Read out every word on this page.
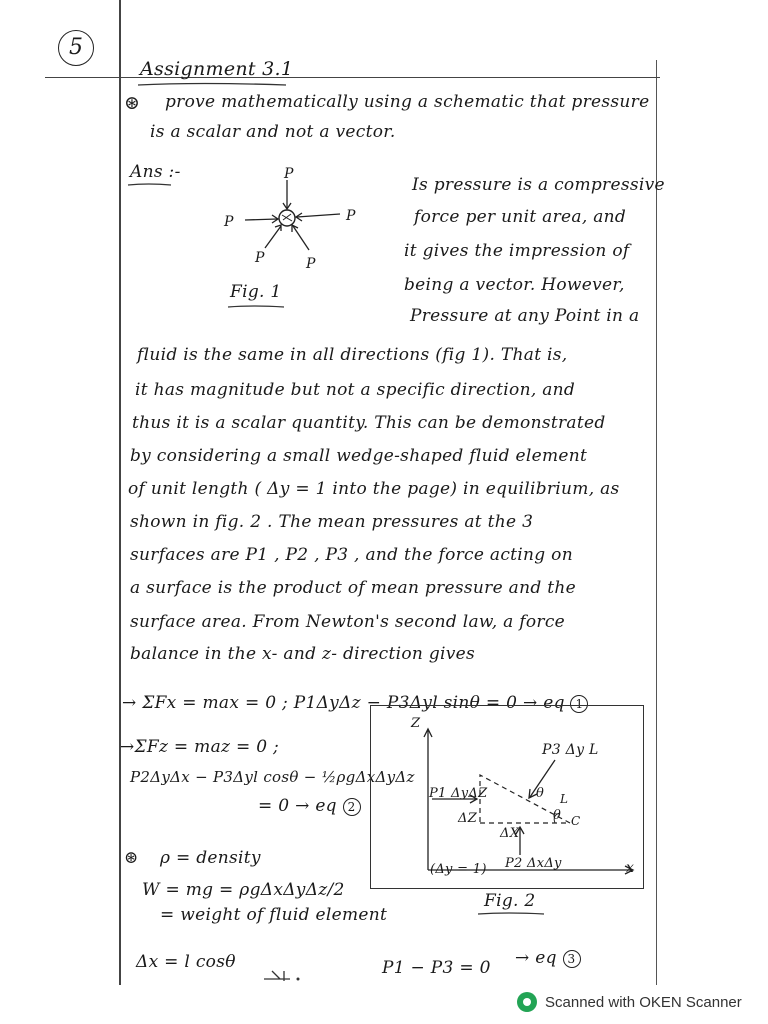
5
Assignment 3.1
⊛ prove mathematically using a schematic that pressure
is a scalar and not a vector.
Ans :-	P
P	P
P	P
Fig. 1
Is pressure is a compressive
force per unit area, and
it gives the impression of
being a vector. However,
Pressure at any Point in a
fluid is the same in all directions (fig 1). That is,
it has magnitude but not a specific direction, and
thus it is a scalar quantity. This can be demonstrated
by considering a small wedge-shaped fluid element
of unit length ( Δy = 1 into the page) in equilibrium, as
shown in fig. 2 . The mean pressures at the 3
surfaces are P1 , P2 , P3 , and the force acting on
a surface is the product of mean pressure and the
surface area. From Newton's second law, a force
balance in the x- and z- direction gives
→ ΣFx = max = 0 ; P1ΔyΔz − P3Δyl sinθ = 0 → eq 1
→ΣFz = maz = 0 ;
P2ΔyΔx − P3Δyl cosθ − ½ρgΔxΔyΔz
= 0 → eq 2
⊛ ρ = density
W = mg = ρgΔxΔyΔz/2
= weight of fluid element
Δx = l cosθ	P1 − P3 = 0 → eq 3
Z
x
P3 Δy L
P1 ΔyΔZ
ΔZ
ΔX
P2 ΔxΔy
(Δy = 1)
θ
θ
L
C
Fig. 2
Scanned with OKEN Scanner
